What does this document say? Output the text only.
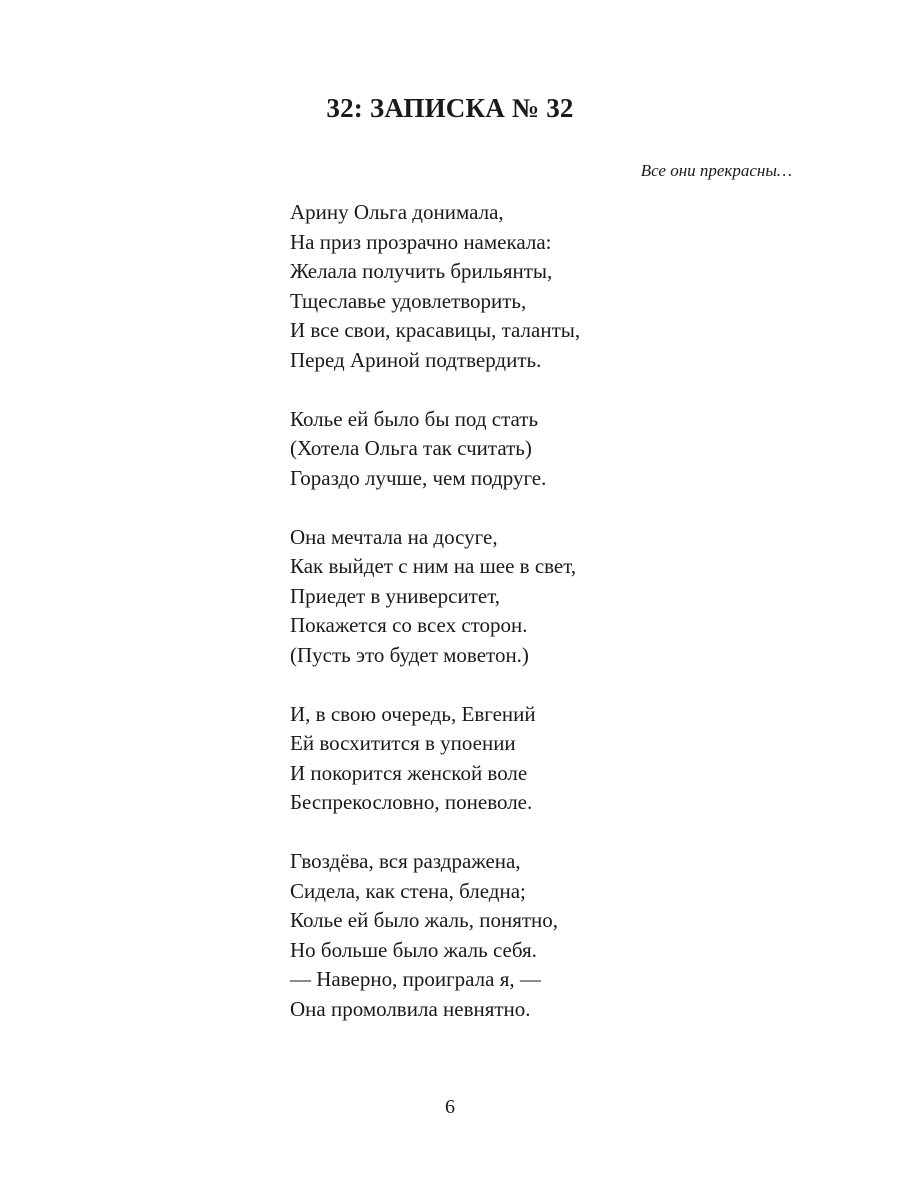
32: ЗАПИСКА № 32

Все они прекрасны…

Арину Ольга донимала,
На приз прозрачно намекала:
Желала получить брильянты,
Тщеславье удовлетворить,
И все свои, красавицы, таланты,
Перед Ариной подтвердить.
Колье ей было бы под стать
(Хотела Ольга так считать)
Гораздо лучше, чем подруге.
Она мечтала на досуге,
Как выйдет с ним на шее в свет,
Приедет в университет,
Покажется со всех сторон.
(Пусть это будет моветон.)
И, в свою очередь, Евгений
Ей восхитится в упоении
И покорится женской воле
Беспрекословно, поневоле.
Гвоздёва, вся раздражена,
Сидела, как стена, бледна;
Колье ей было жаль, понятно,
Но больше было жаль себя.
— Наверно, проиграла я, —
Она промолвила невнятно.
6
